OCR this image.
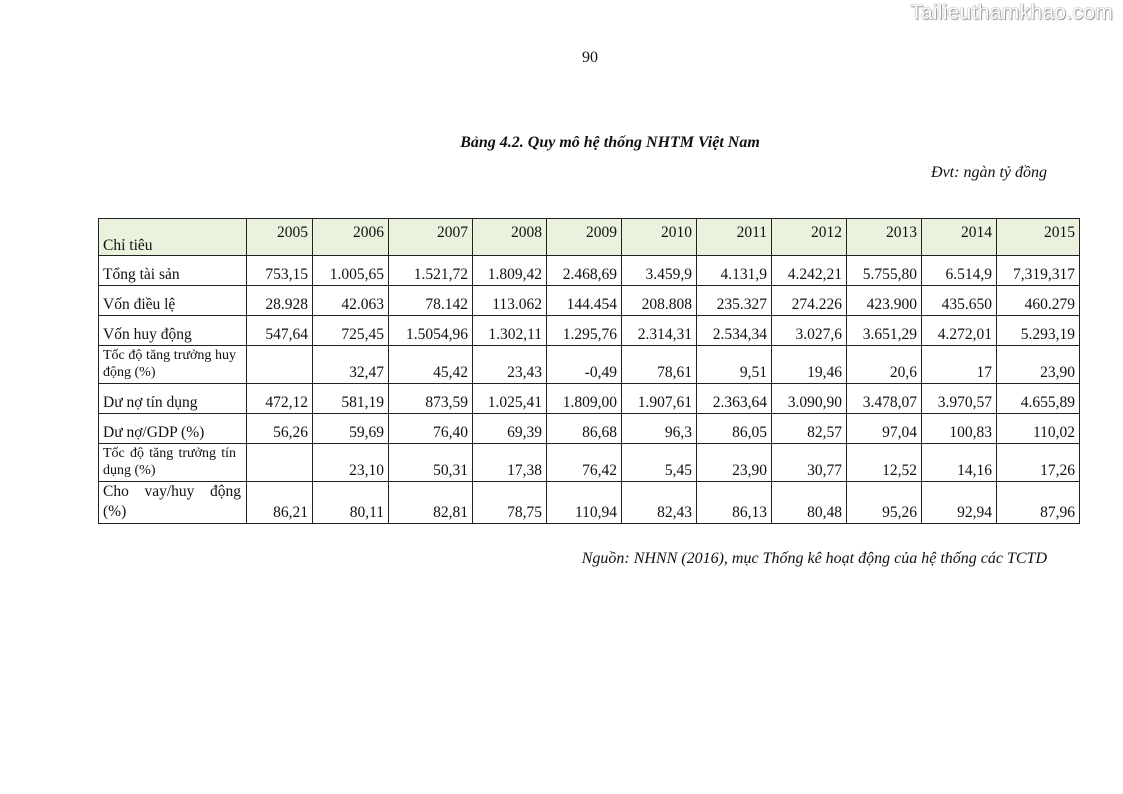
Tailieuthamkhao.com
90
Bảng 4.2. Quy mô hệ thống NHTM Việt Nam
Đvt: ngàn tỷ đồng
Chỉ tiêu	2005	2006	2007	2008	2009	2010	2011	2012	2013	2014	2015
Tổng tài sản	753,15	1.005,65	1.521,72	1.809,42	2.468,69	3.459,9	4.131,9	4.242,21	5.755,80	6.514,9	7,319,317
Vốn điều lệ	28.928	42.063	78.142	113.062	144.454	208.808	235.327	274.226	423.900	435.650	460.279
Vốn huy động	547,64	725,45	1.5054,96	1.302,11	1.295,76	2.314,31	2.534,34	3.027,6	3.651,29	4.272,01	5.293,19

Tốc độ tăng trưởng huy động (%)		32,47	45,42	23,43	-0,49	78,61	9,51	19,46	20,6	17	23,90
Dư nợ tín dụng	472,12	581,19	873,59	1.025,41	1.809,00	1.907,61	2.363,64	3.090,90	3.478,07	3.970,57	4.655,89
Dư nợ/GDP (%)	56,26	59,69	76,40	69,39	86,68	96,3	86,05	82,57	97,04	100,83	110,02

Tốc độ tăng trưởng tín dụng (%)		23,10	50,31	17,38	76,42	5,45	23,90	30,77	12,52	14,16	17,26

Cho vay/huy động (%)	86,21	80,11	82,81	78,75	110,94	82,43	86,13	80,48	95,26	92,94	87,96
Nguồn: NHNN (2016), mục Thống kê hoạt động của hệ thống các TCTD
